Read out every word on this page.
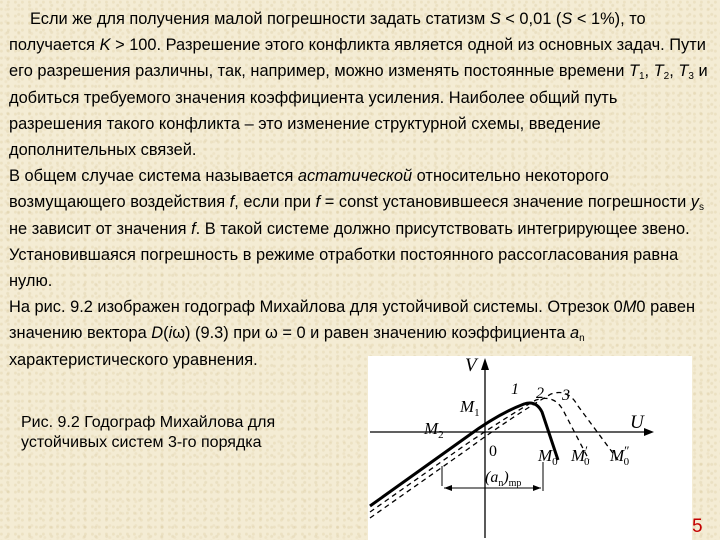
Если же для получения малой погрешности задать статизм S < 0,01 (S < 1%), то получается K > 100. Разрешение этого конфликта является одной из основных задач. Пути его разрешения различны, так, например, можно изменять постоянные времени $T_1$, $T_2$, $T_3$ и добиться требуемого значения коэффициента усиления. Наиболее общий путь разрешения такого конфликта – это изменение структурной схемы, введение дополнительных связей.

В общем случае система называется астатической относительно некоторого возмущающего воздействия f, если при f = const установившееся значение погрешности $y_s$ не зависит от значения f. В такой системе должно присутствовать интегрирующее звено. Установившаяся погрешность в режиме отработки постоянного рассогласования равна нулю.

На рис. 9.2 изображен годограф Михайлова для устойчивой системы. Отрезок 0M0 равен значению вектора D(iω) (9.3) при ω = 0 и равен значению коэффициента $a_n$ характеристического уравнения.

Рис. 9.2 Годограф Михайлова для устойчивых систем 3-го порядка
V
U
0
1 2 3
$M_1$
$M_2$
$M_0$ M′ 0 M″ 0
$(a_n)_{mp}$
5
